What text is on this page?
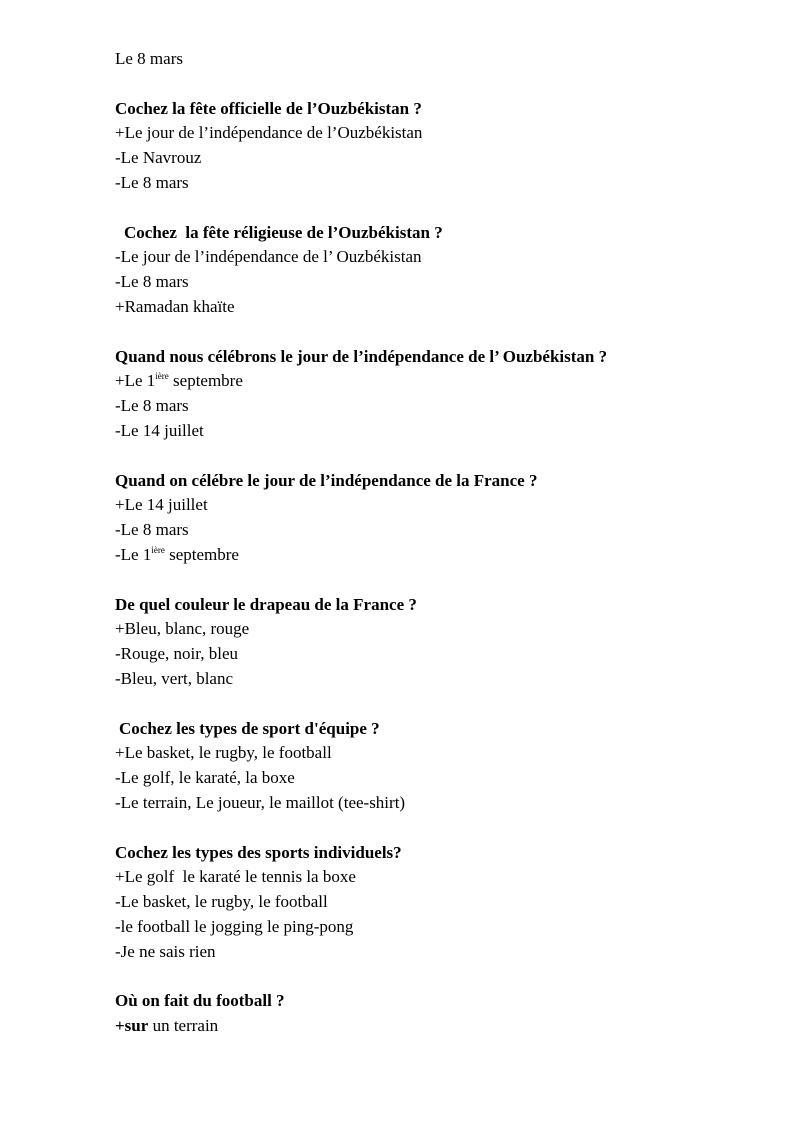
Le 8 mars
Cochez la fête officielle de l’Ouzbékistan ?
+Le jour de l’indépendance de l’Ouzbékistan
-Le Navrouz
-Le 8 mars
Cochez  la fête réligieuse de l’Ouzbékistan ?
-Le jour de l’indépendance de l’ Ouzbékistan
-Le 8 mars
+Ramadan khaïte
Quand nous célébrons le jour de l’indépendance de l’ Ouzbékistan ?
+Le $1^{ière}$ septembre
-Le 8 mars
-Le 14 juillet
Quand on célébre le jour de l’indépendance de la France ?
+Le 14 juillet
-Le 8 mars
-Le $1^{ière}$ septembre
De quel couleur le drapeau de la France ?
+Bleu, blanc, rouge
-Rouge, noir, bleu
-Bleu, vert, blanc
Cochez les types de sport d'équipe ?
+Le basket, le rugby, le football
-Le golf, le karaté, la boxe
-Le terrain, Le joueur, le maillot (tee-shirt)
Cochez les types des sports individuels?
+Le golf  le karaté le tennis la boxe
-Le basket, le rugby, le football
-le football le jogging le ping-pong
-Je ne sais rien
Où on fait du football ?
+sur un terrain
